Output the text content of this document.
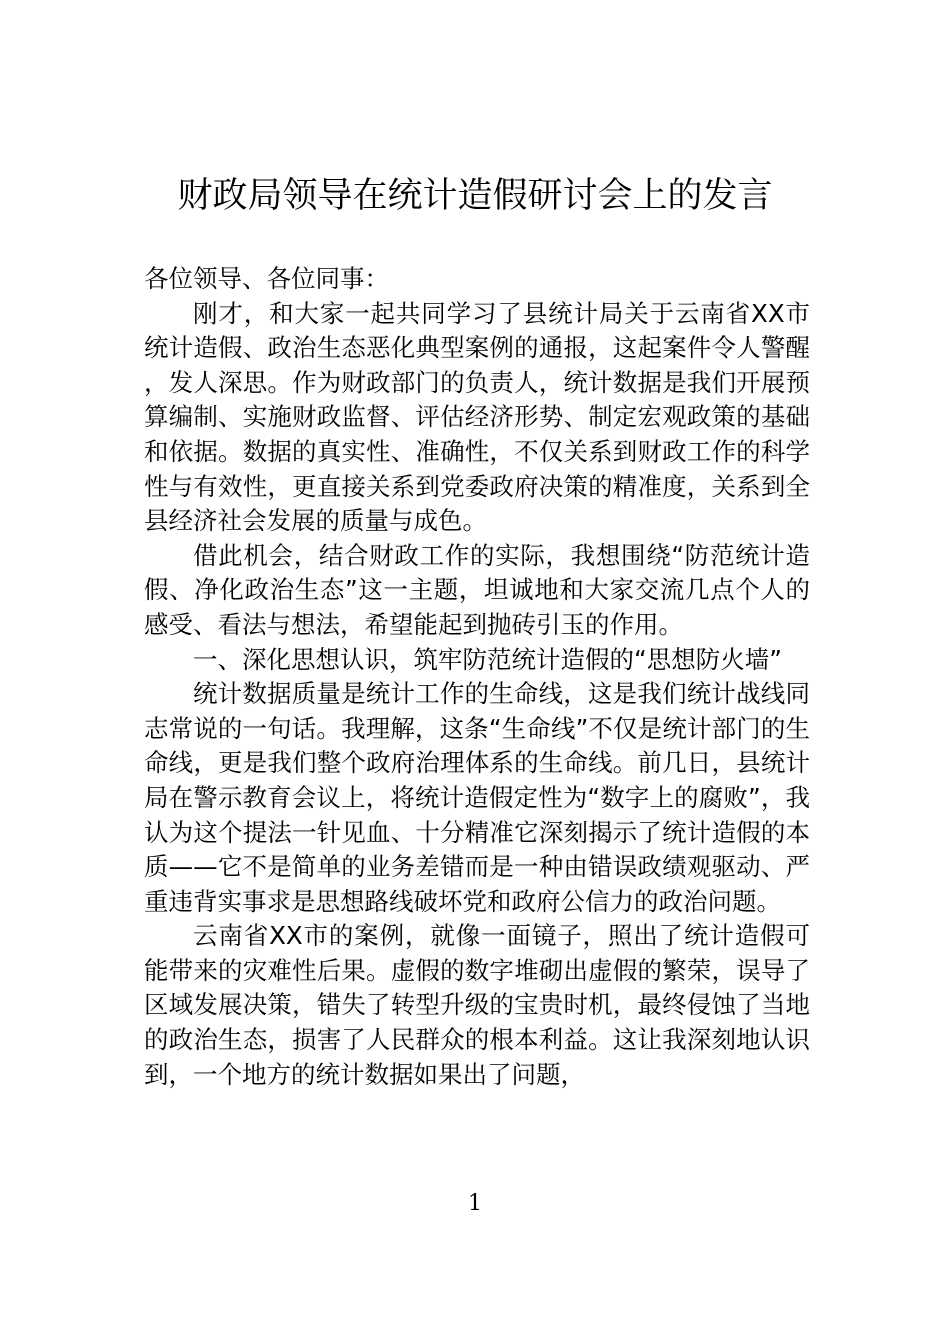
财政局领导在统计造假研讨会上的发言

各位领导、各位同事：

刚才，和大家一起共同学习了县统计局关于云南省XX市统计造假、政治生态恶化典型案例的通报，这起案件令人警醒，发人深思。作为财政部门的负责人，统计数据是我们开展预算编制、实施财政监督、评估经济形势、制定宏观政策的基础和依据。数据的真实性、准确性，不仅关系到财政工作的科学性与有效性，更直接关系到党委政府决策的精准度，关系到全县经济社会发展的质量与成色。

借此机会，结合财政工作的实际，我想围绕“防范统计造假、净化政治生态”这一主题，坦诚地和大家交流几点个人的感受、看法与想法，希望能起到抛砖引玉的作用。

一、深化思想认识，筑牢防范统计造假的“思想防火墙”

统计数据质量是统计工作的生命线，这是我们统计战线同志常说的一句话。我理解，这条“生命线”不仅是统计部门的生命线，更是我们整个政府治理体系的生命线。前几日，县统计局在警示教育会议上，将统计造假定性为“数字上的腐败”，我认为这个提法一针见血、十分精准它深刻揭示了统计造假的本质——它不是简单的业务差错而是一种由错误政绩观驱动、严重违背实事求是思想路线破坏党和政府公信力的政治问题。

云南省XX市的案例，就像一面镜子，照出了统计造假可能带来的灾难性后果。虚假的数字堆砌出虚假的繁荣，误导了区域发展决策，错失了转型升级的宝贵时机，最终侵蚀了当地的政治生态，损害了人民群众的根本利益。这让我深刻地认识到，一个地方的统计数据如果出了问题，

1
